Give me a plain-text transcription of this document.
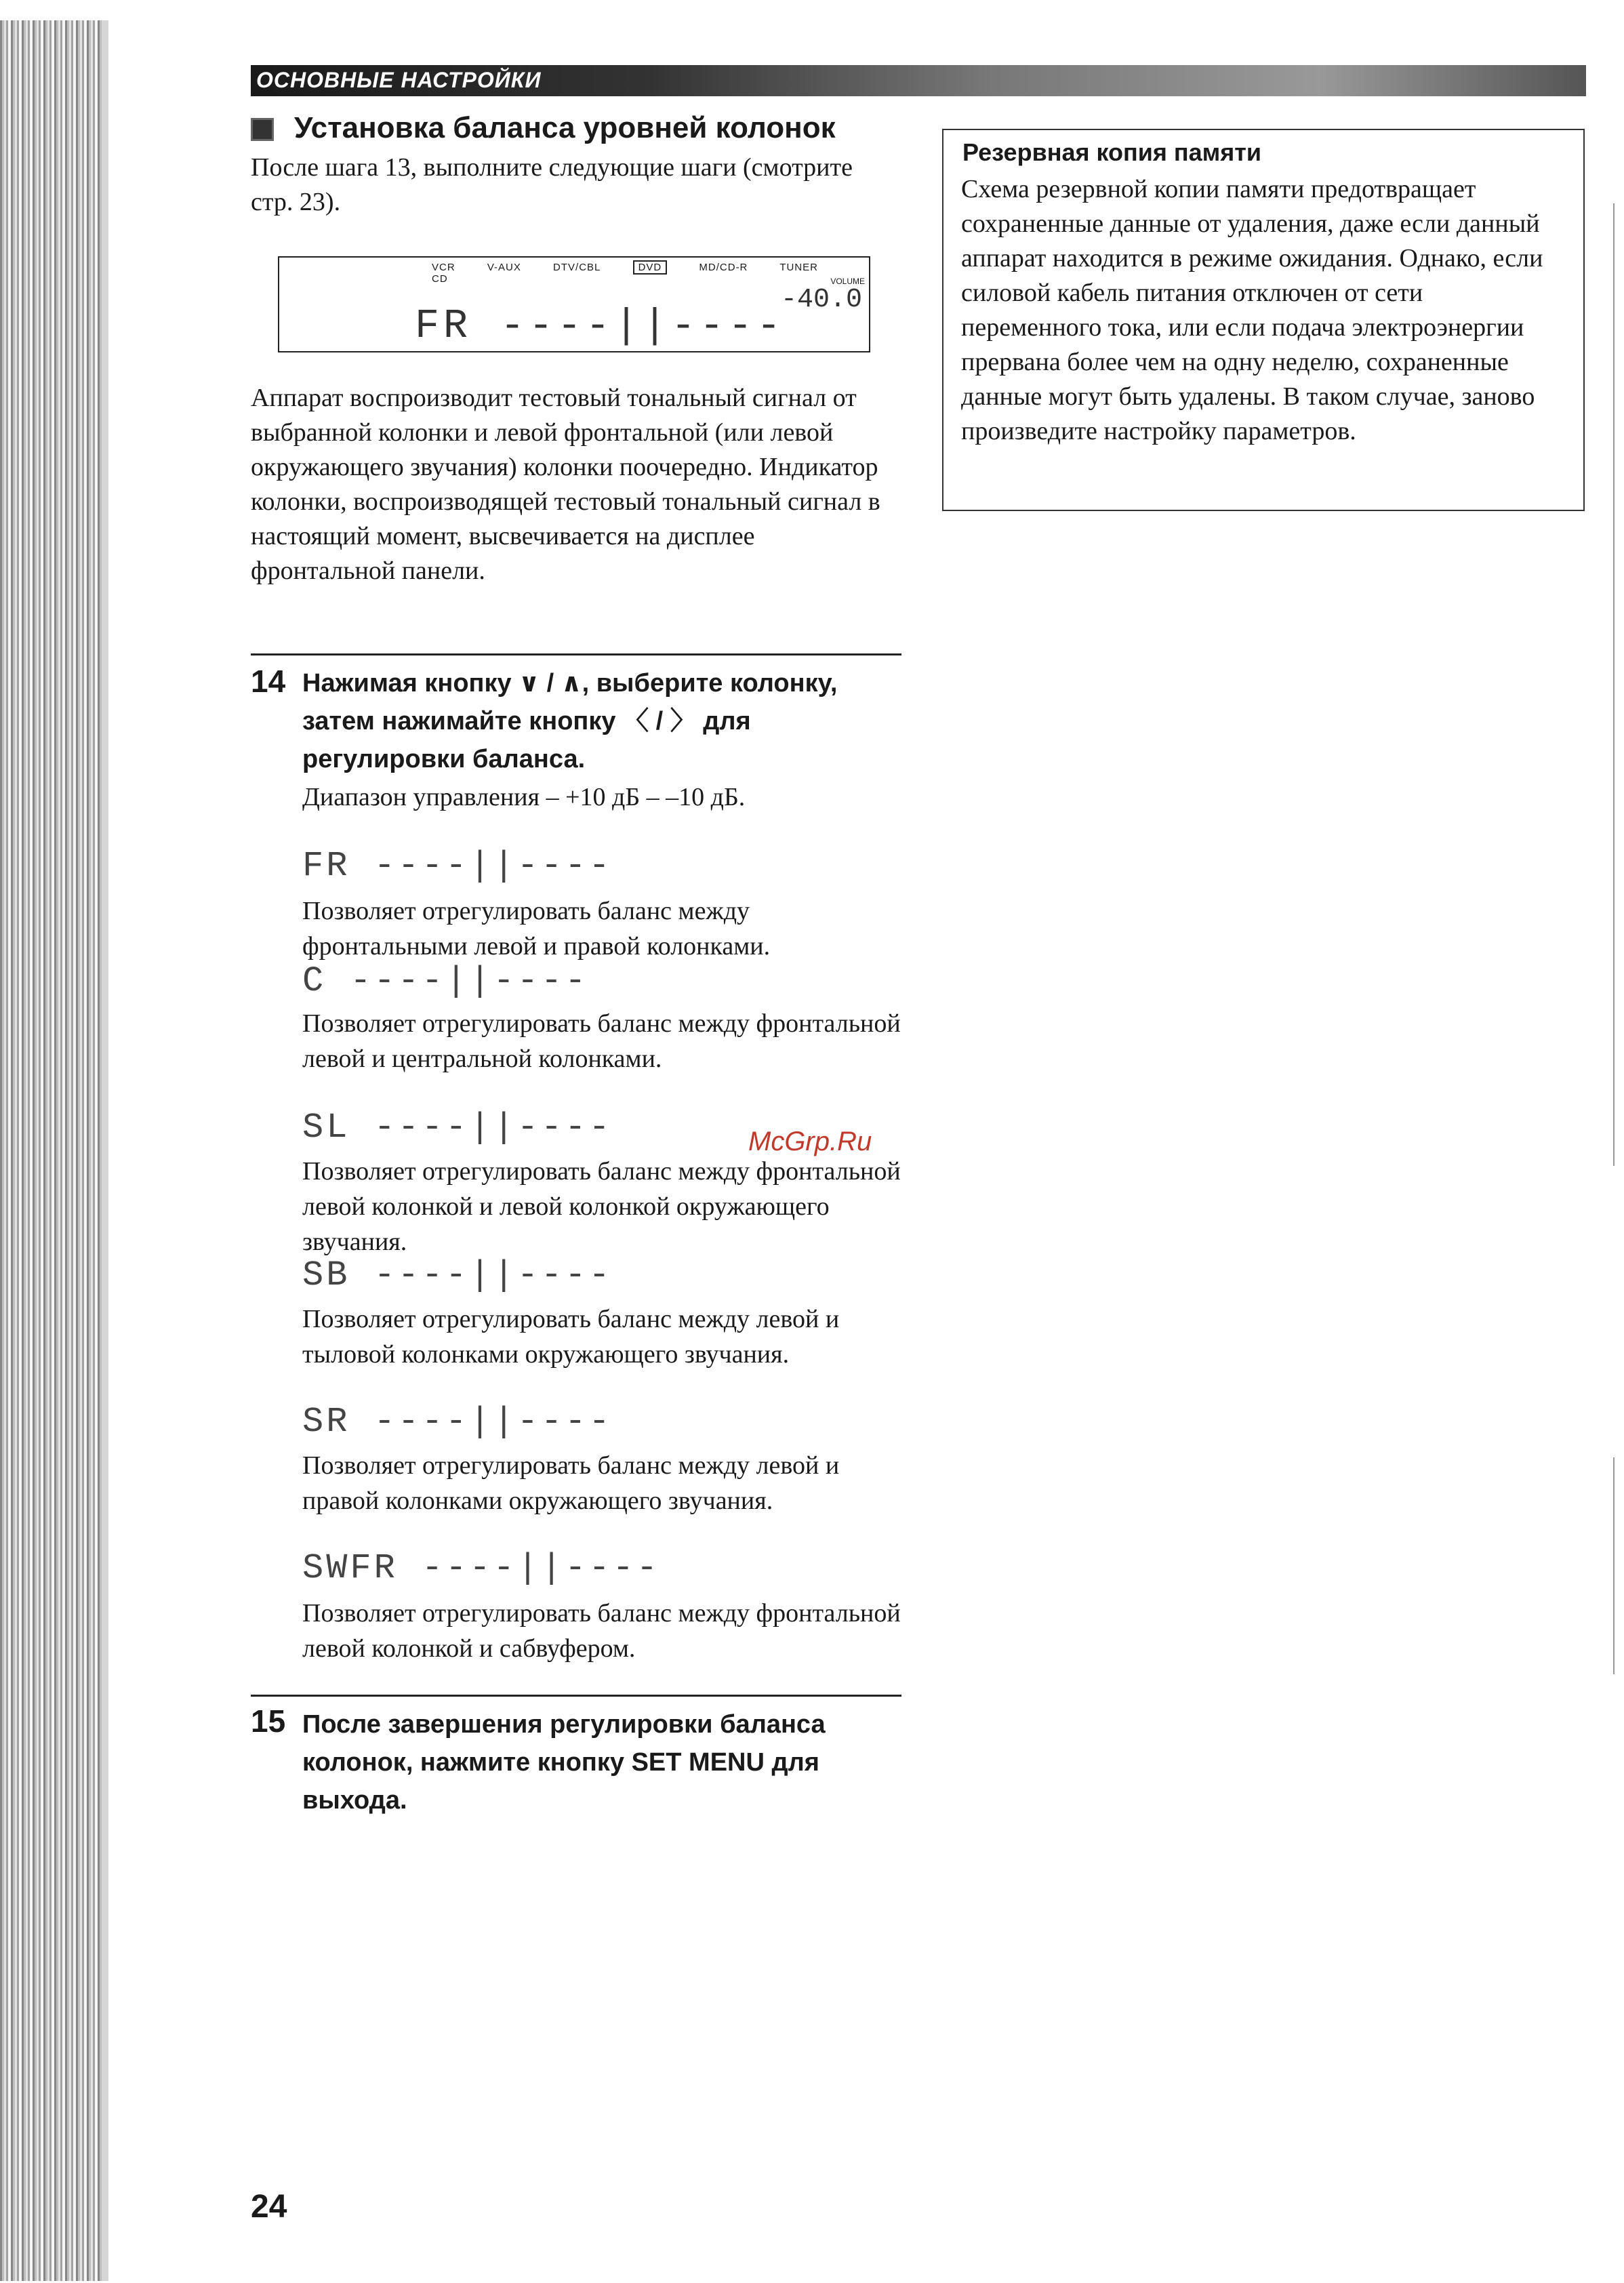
ОСНОВНЫЕ НАСТРОЙКИ
Установка баланса уровней колонок
После шага 13, выполните следующие шаги (смотрите стр. 23).
VCR	V-AUX	DTV/CBL	DVD	MD/CD-R	TUNER CD	VOLUME
FR ----||----
-40.0
Аппарат воспроизводит тестовый тональный сигнал от выбранной колонки и левой фронтальной (или левой окружающего звучания) колонки поочередно. Индикатор колонки, воспроизводящей тестовый тональный сигнал в настоящий момент, высвечивается на дисплее фронтальной панели.
14 Нажимая кнопку ∨ / ∧, выберите колонку, затем нажимайте кнопку 〈 / 〉 для регулировки баланса.
Диапазон управления – +10 дБ – –10 дБ.
FR ----||----
Позволяет отрегулировать баланс между фронтальными левой и правой колонками.
C ----||----
Позволяет отрегулировать баланс между фронтальной левой и центральной колонками.
SL ----||----
Позволяет отрегулировать баланс между фронтальной левой колонкой и левой колонкой окружающего звучания.
SB ----||----
Позволяет отрегулировать баланс между левой и тыловой колонками окружающего звучания.
SR ----||----
Позволяет отрегулировать баланс между левой и правой колонками окружающего звучания.
SWFR ----||----
Позволяет отрегулировать баланс между фронтальной левой колонкой и сабвуфером.
15 После завершения регулировки баланса колонок, нажмите кнопку SET MENU для выхода.
Резервная копия памяти

Схема резервной копии памяти предотвращает сохраненные данные от удаления, даже если данный аппарат находится в режиме ожидания. Однако, если силовой кабель питания отключен от сети переменного тока, или если подача электроэнергии прервана более чем на одну неделю, сохраненные данные могут быть удалены. В таком случае, заново произведите настройку параметров.

McGrp.Ru
24
